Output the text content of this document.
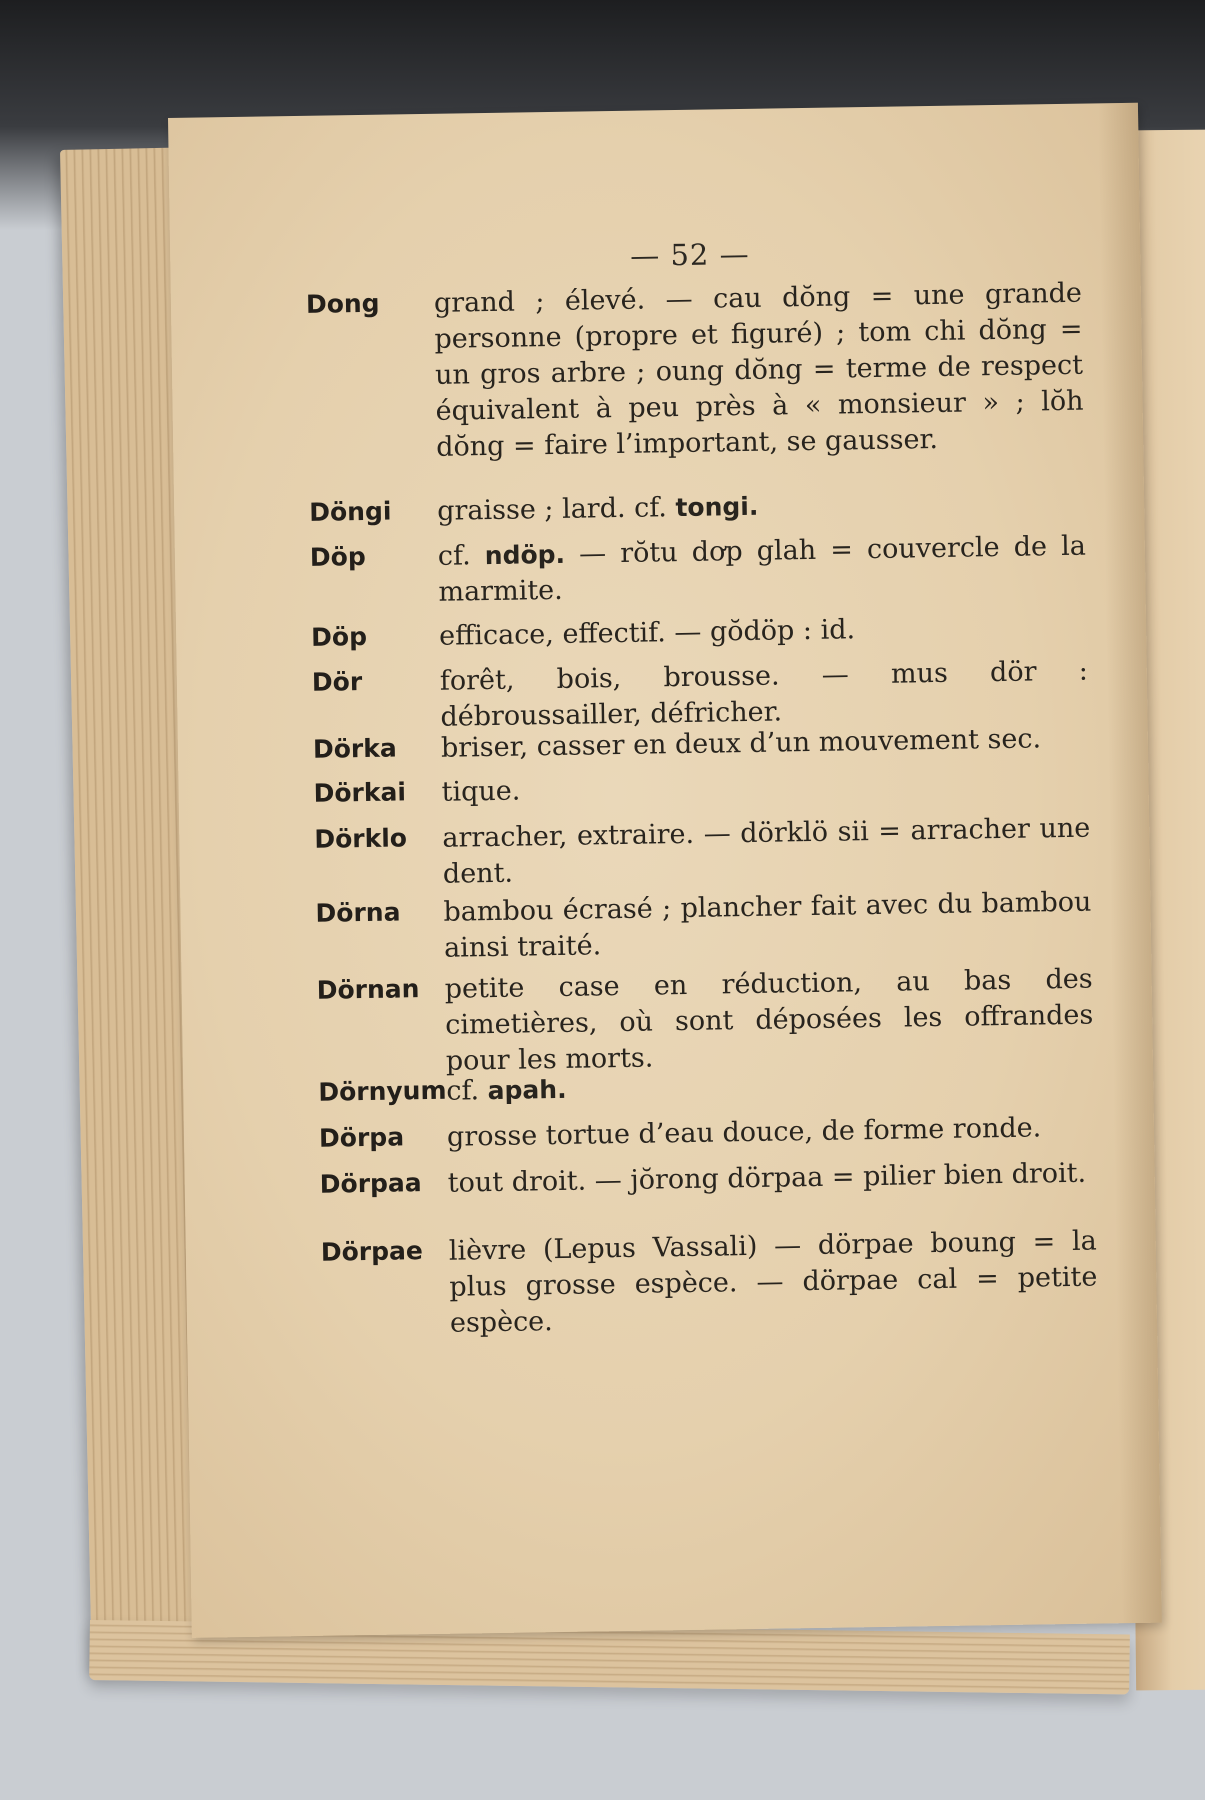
— 52 —
Dong	grand ; élevé. — cau dŏng = une grande personne (propre et figuré) ; tom chi dŏng = un gros arbre ; oung dŏng = terme de respect équivalent à peu près à « monsieur » ; lŏh dŏng = faire l’important, se gausser.
Döngi	graisse ; lard. cf. tongi.
Döp	cf. ndöp. — rŏtu dơp glah = couvercle de la marmite.
Döp	efficace, effectif. — gŏdöp : id.
Dör	forêt, bois, brousse. — mus dör : débroussailler, défricher.
Dörka	briser, casser en deux d’un mouvement sec.
Dörkai	tique.
Dörklo	arracher, extraire. — dörklö sii = arracher une dent.
Dörna	bambou écrasé ; plancher fait avec du bambou ainsi traité.
Dörnan petite case en réduction, au bas des cimetières, où sont déposées les offrandes pour les morts.
Dörnyum cf. apah.
Dörpa	grosse tortue d’eau douce, de forme ronde.
Dörpaa tout droit. — jŏrong dörpaa = pilier bien droit.
Dörpae lièvre (Lepus Vassali) — dörpae boung = la plus grosse espèce. — dörpae cal = petite espèce.
